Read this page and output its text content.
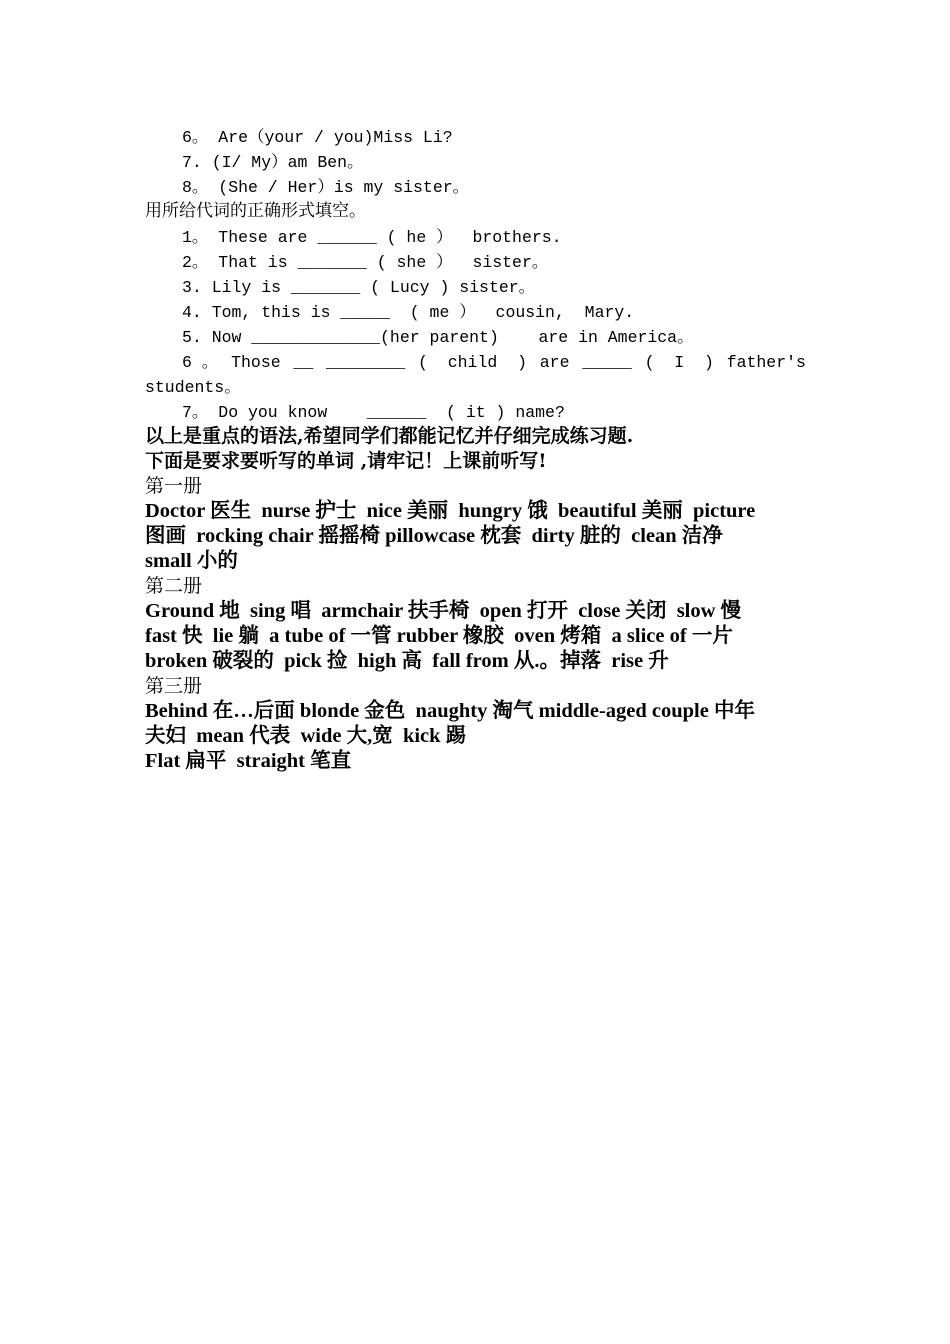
6。 Are（your / you)Miss Li?
7. (I/ My）am Ben。
8。 (She / Her）is my sister。
用所给代词的正确形式填空。
1。 These are ______ ( he ）  brothers.
2。 That is _______ ( she ）  sister。
3. Lily is _______ ( Lucy ) sister。
4. Tom, this is _____  ( me ）  cousin,  Mary.
5. Now _____________(her parent)    are in America。
6 。 Those __ ________ (  child  ) are _____ (  I  ) father's
students。
7。 Do you know    ______  ( it ) name?
以上是重点的语法,希望同学们都能记忆并仔细完成练习题.
下面是要求要听写的单词 ,请牢记！上课前听写!
第一册
Doctor 医生  nurse 护士  nice 美丽  hungry 饿  beautiful 美丽  picture
图画  rocking chair 摇摇椅 pillowcase 枕套  dirty 脏的  clean 洁净
small 小的
第二册
Ground 地  sing 唱  armchair 扶手椅  open 打开  close 关闭  slow 慢
fast 快  lie 躺  a tube of 一管 rubber 橡胶  oven 烤箱  a slice of 一片
broken 破裂的  pick 捡  high 高  fall from 从.。掉落  rise 升
第三册
Behind 在…后面 blonde 金色  naughty 淘气 middle-aged couple 中年
夫妇  mean 代表  wide 大,宽  kick 踢
Flat 扁平  straight 笔直
